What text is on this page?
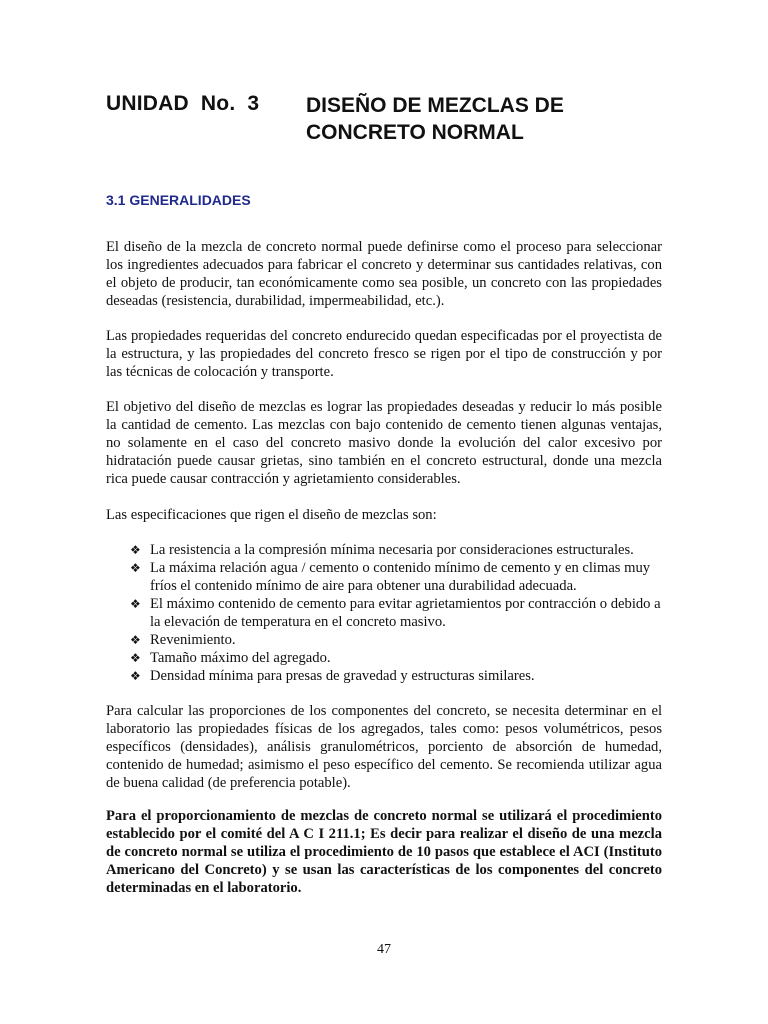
UNIDAD  No.  3 DISEÑO DE MEZCLAS DE
CONCRETO NORMAL
3.1 GENERALIDADES

El diseño de la mezcla de concreto normal puede definirse como el proceso para seleccionar los ingredientes adecuados para fabricar el concreto y determinar sus cantidades relativas, con el objeto de producir, tan económicamente como sea posible, un concreto con las propiedades deseadas (resistencia, durabilidad, impermeabilidad, etc.).

Las propiedades requeridas del concreto endurecido quedan especificadas por el proyectista de la estructura, y las propiedades del concreto fresco se rigen por el tipo de construcción y por las técnicas de colocación y transporte.

El objetivo del diseño de mezclas es lograr las propiedades deseadas y reducir lo más posible la cantidad de cemento. Las mezclas con bajo contenido de cemento tienen algunas ventajas, no solamente en el caso del concreto masivo donde la evolución del calor excesivo por hidratación puede causar grietas, sino también en el concreto estructural, donde una mezcla rica puede causar contracción y agrietamiento considerables.

Las especificaciones que rigen el diseño de mezclas son:

❖ La resistencia a la compresión mínima necesaria por consideraciones estructurales.
❖ La máxima relación agua / cemento o contenido mínimo de cemento y en climas muy fríos el contenido mínimo de aire para obtener una durabilidad adecuada.
❖ El máximo contenido de cemento para evitar agrietamientos por contracción o debido a la elevación de temperatura en el concreto masivo.
❖ Revenimiento.
❖ Tamaño máximo del agregado.
❖ Densidad mínima para presas de gravedad y estructuras similares.

Para calcular las proporciones de los componentes del concreto, se necesita determinar en el laboratorio las propiedades físicas de los agregados, tales como: pesos volumétricos, pesos específicos (densidades), análisis granulométricos, porciento de absorción de humedad, contenido de humedad; asimismo el peso específico del cemento. Se recomienda utilizar agua de buena calidad (de preferencia potable).

Para el proporcionamiento de mezclas de concreto normal se utilizará el procedimiento establecido por el comité del A C I 211.1; Es decir para realizar el diseño de una mezcla de concreto normal se utiliza el procedimiento de 10 pasos que establece el ACI (Instituto Americano del Concreto) y se usan las características de los componentes del concreto determinadas en el laboratorio.

47
